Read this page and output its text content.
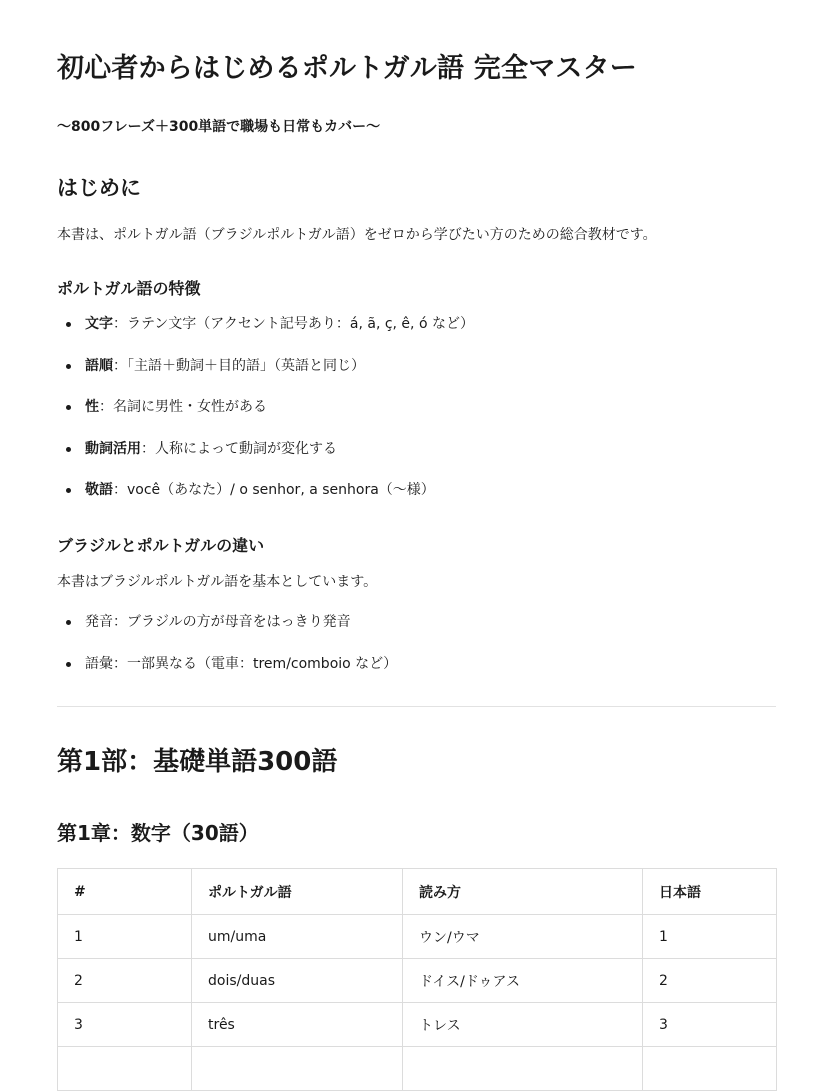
初心者からはじめるポルトガル語 完全マスター

〜800フレーズ＋300単語で職場も日常もカバー〜

はじめに

本書は、ポルトガル語（ブラジルポルトガル語）をゼロから学びたい方のための総合教材です。

ポルトガル語の特徴
文字：ラテン文字（アクセント記号あり：á, ã, ç, ê, ó など）
語順：「主語＋動詞＋目的語」（英語と同じ）
性：名詞に男性・女性がある
動詞活用：人称によって動詞が変化する
敬語：você（あなた）/ o senhor, a senhora（〜様）
ブラジルとポルトガルの違い

本書はブラジルポルトガル語を基本としています。

発音：ブラジルの方が母音をはっきり発音
語彙：一部異なる（電車：trem/comboio など）
第1部：基礎単語300語
第1章：数字（30語）
#	ポルトガル語	読み方	日本語
1	um/uma	ウン/ウマ	1
2	dois/duas	ドイス/ドゥアス	2
3	três	トレス	3
